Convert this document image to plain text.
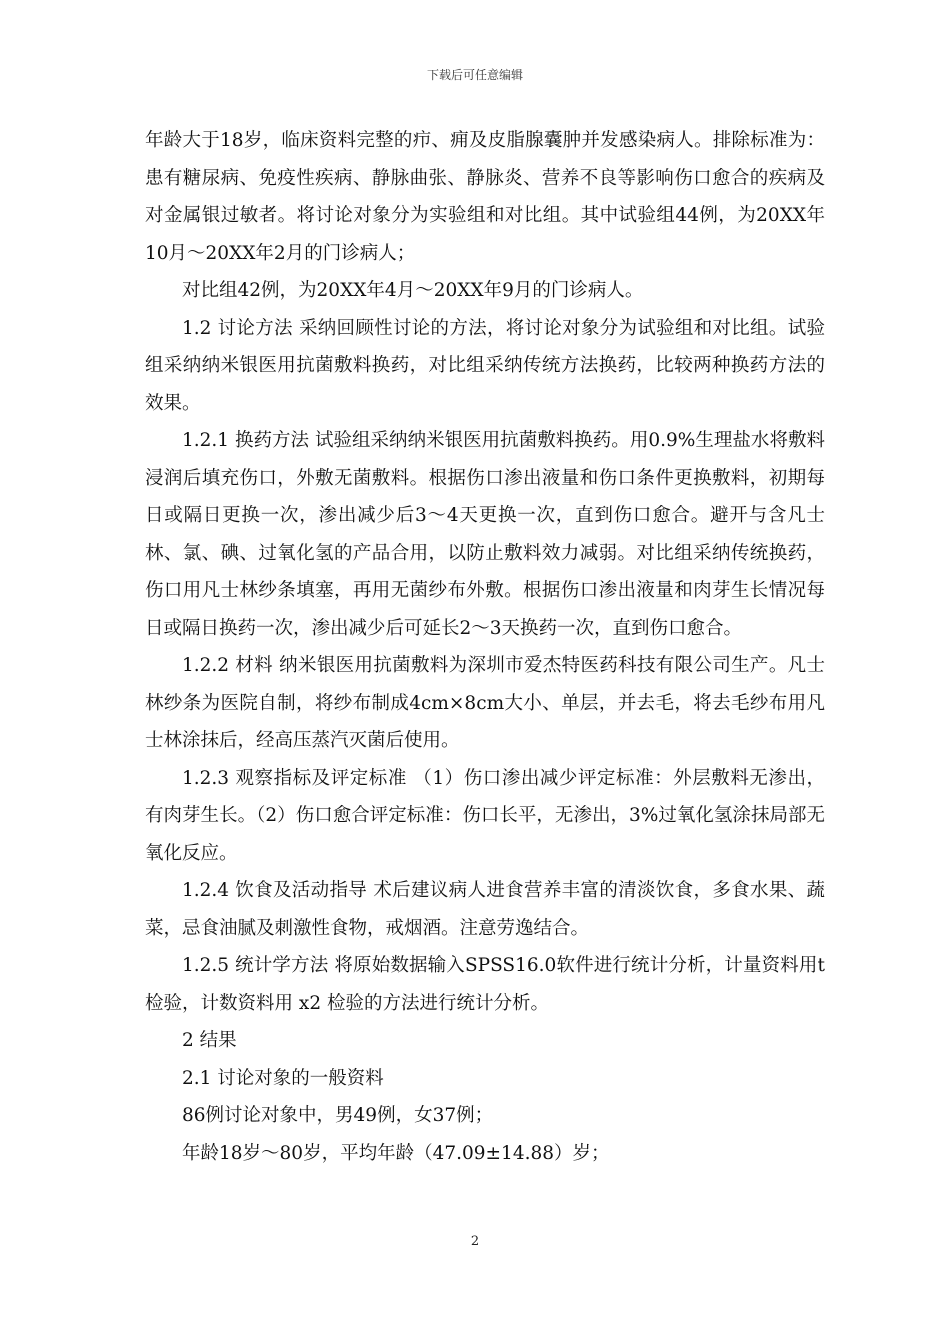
下载后可任意编辑

年龄大于18岁，临床资料完整的疖、痈及皮脂腺囊肿并发感染病人。排除标准为：患有糖尿病、免疫性疾病、静脉曲张、静脉炎、营养不良等影响伤口愈合的疾病及对金属银过敏者。将讨论对象分为实验组和对比组。其中试验组44例，为20XX年10月～20XX年2月的门诊病人；

对比组42例，为20XX年4月～20XX年9月的门诊病人。

1.2 讨论方法 采纳回顾性讨论的方法，将讨论对象分为试验组和对比组。试验组采纳纳米银医用抗菌敷料换药，对比组采纳传统方法换药，比较两种换药方法的效果。

1.2.1 换药方法 试验组采纳纳米银医用抗菌敷料换药。用0.9%生理盐水将敷料浸润后填充伤口，外敷无菌敷料。根据伤口渗出液量和伤口条件更换敷料，初期每日或隔日更换一次，渗出减少后3～4天更换一次，直到伤口愈合。避开与含凡士林、氯、碘、过氧化氢的产品合用，以防止敷料效力减弱。对比组采纳传统换药，伤口用凡士林纱条填塞，再用无菌纱布外敷。根据伤口渗出液量和肉芽生长情况每日或隔日换药一次，渗出减少后可延长2～3天换药一次，直到伤口愈合。

1.2.2 材料 纳米银医用抗菌敷料为深圳市爱杰特医药科技有限公司生产。凡士林纱条为医院自制，将纱布制成4cm×8cm大小、单层，并去毛，将去毛纱布用凡士林涂抹后，经高压蒸汽灭菌后使用。

1.2.3 观察指标及评定标准 （1）伤口渗出减少评定标准：外层敷料无渗出，有肉芽生长。（2）伤口愈合评定标准：伤口长平，无渗出，3%过氧化氢涂抹局部无氧化反应。

1.2.4 饮食及活动指导 术后建议病人进食营养丰富的清淡饮食，多食水果、蔬菜，忌食油腻及刺激性食物，戒烟酒。注意劳逸结合。

1.2.5 统计学方法 将原始数据输入SPSS16.0软件进行统计分析，计量资料用t检验，计数资料用 x2 检验的方法进行统计分析。

2 结果

2.1 讨论对象的一般资料

86例讨论对象中，男49例，女37例；

年龄18岁～80岁，平均年龄（47.09±14.88）岁；

2
